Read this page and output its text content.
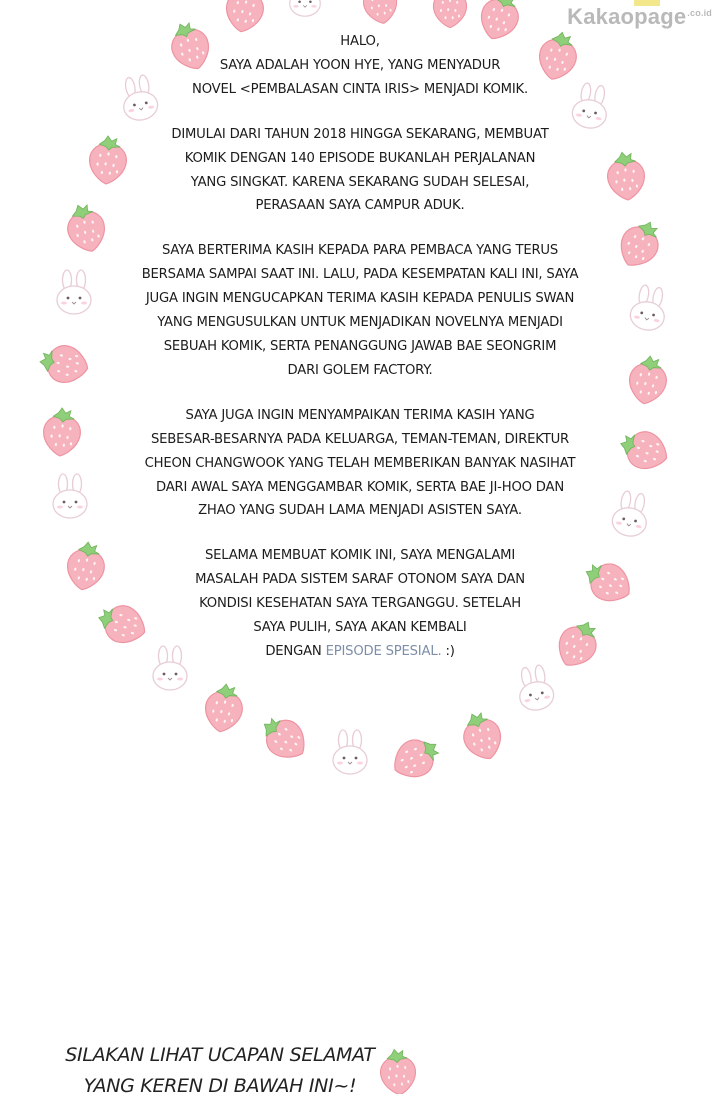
Kakaopage$^{.co.id}$

HALO,
SAYA ADALAH YOON HYE, YANG MENYADUR
NOVEL <PEMBALASAN CINTA IRIS> MENJADI KOMIK.

DIMULAI DARI TAHUN 2018 HINGGA SEKARANG, MEMBUAT
KOMIK DENGAN 140 EPISODE BUKANLAH PERJALANAN
YANG SINGKAT. KARENA SEKARANG SUDAH SELESAI,
PERASAAN SAYA CAMPUR ADUK.

SAYA BERTERIMA KASIH KEPADA PARA PEMBACA YANG TERUS
BERSAMA SAMPAI SAAT INI. LALU, PADA KESEMPATAN KALI INI, SAYA
JUGA INGIN MENGUCAPKAN TERIMA KASIH KEPADA PENULIS SWAN
YANG MENGUSULKAN UNTUK MENJADIKAN NOVELNYA MENJADI
SEBUAH KOMIK, SERTA PENANGGUNG JAWAB BAE SEONGRIM
DARI GOLEM FACTORY.

SAYA JUGA INGIN MENYAMPAIKAN TERIMA KASIH YANG
SEBESAR-BESARNYA PADA KELUARGA, TEMAN-TEMAN, DIREKTUR
CHEON CHANGWOOK YANG TELAH MEMBERIKAN BANYAK NASIHAT
DARI AWAL SAYA MENGGAMBAR KOMIK, SERTA BAE JI-HOO DAN
ZHAO YANG SUDAH LAMA MENJADI ASISTEN SAYA.

SELAMA MEMBUAT KOMIK INI, SAYA MENGALAMI
MASALAH PADA SISTEM SARAF OTONOM SAYA DAN
KONDISI KESEHATAN SAYA TERGANGGU. SETELAH
SAYA PULIH, SAYA AKAN KEMBALI
DENGAN EPISODE SPESIAL. :)

SILAKAN LIHAT UCAPAN SELAMAT
YANG KEREN DI BAWAH INI~!
